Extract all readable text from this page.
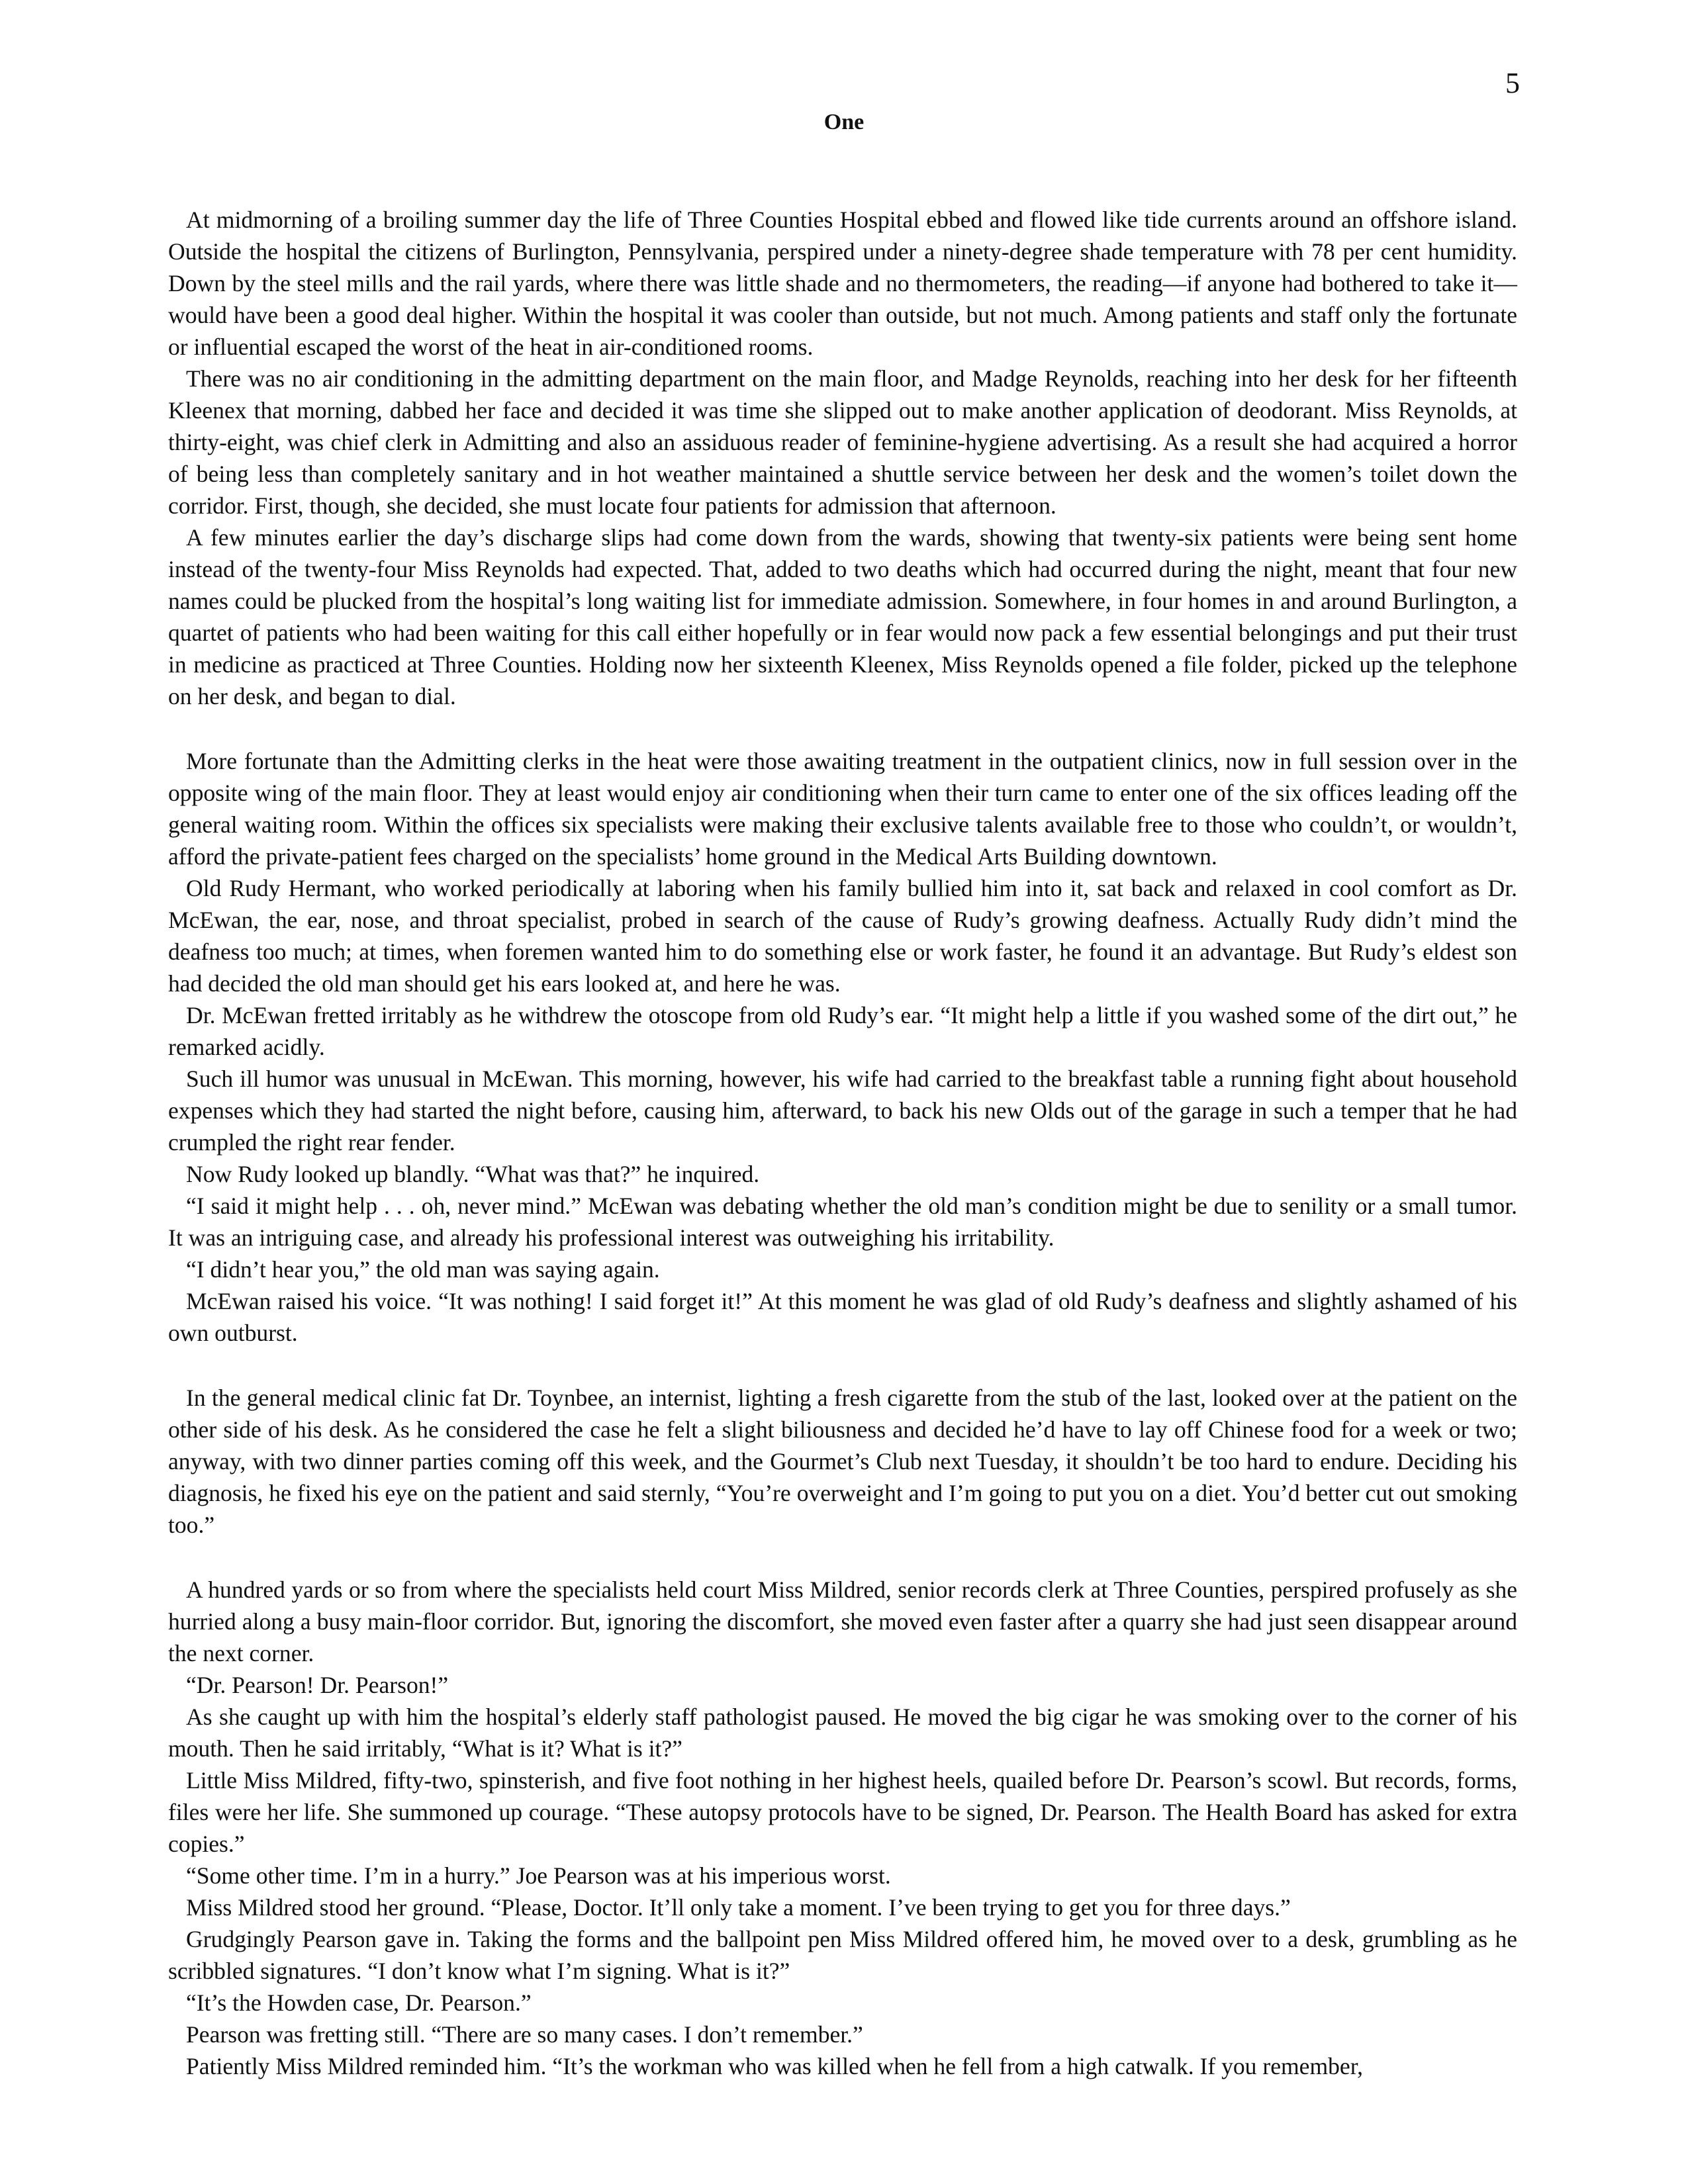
5
One

At midmorning of a broiling summer day the life of Three Counties Hospital ebbed and flowed like tide currents around an offshore island. Outside the hospital the citizens of Burlington, Pennsylvania, perspired under a ninety-degree shade temperature with 78 per cent humidity. Down by the steel mills and the rail yards, where there was little shade and no thermometers, the reading—if anyone had bothered to take it—would have been a good deal higher. Within the hospital it was cooler than outside, but not much. Among patients and staff only the fortunate or influential escaped the worst of the heat in air-conditioned rooms.

There was no air conditioning in the admitting department on the main floor, and Madge Reynolds, reaching into her desk for her fifteenth Kleenex that morning, dabbed her face and decided it was time she slipped out to make another application of deodorant. Miss Reynolds, at thirty-eight, was chief clerk in Admitting and also an assiduous reader of feminine-hygiene advertising. As a result she had acquired a horror of being less than completely sanitary and in hot weather maintained a shuttle service between her desk and the women’s toilet down the corridor. First, though, she decided, she must locate four patients for admission that afternoon.

A few minutes earlier the day’s discharge slips had come down from the wards, showing that twenty-six patients were being sent home instead of the twenty-four Miss Reynolds had expected. That, added to two deaths which had occurred during the night, meant that four new names could be plucked from the hospital’s long waiting list for immediate admission. Somewhere, in four homes in and around Burlington, a quartet of patients who had been waiting for this call either hopefully or in fear would now pack a few essential belongings and put their trust in medicine as practiced at Three Counties. Holding now her sixteenth Kleenex, Miss Reynolds opened a file folder, picked up the telephone on her desk, and began to dial.

More fortunate than the Admitting clerks in the heat were those awaiting treatment in the outpatient clinics, now in full session over in the opposite wing of the main floor. They at least would enjoy air conditioning when their turn came to enter one of the six offices leading off the general waiting room. Within the offices six specialists were making their exclusive talents available free to those who couldn’t, or wouldn’t, afford the private-patient fees charged on the specialists’ home ground in the Medical Arts Building downtown.

Old Rudy Hermant, who worked periodically at laboring when his family bullied him into it, sat back and relaxed in cool comfort as Dr. McEwan, the ear, nose, and throat specialist, probed in search of the cause of Rudy’s growing deafness. Actually Rudy didn’t mind the deafness too much; at times, when foremen wanted him to do something else or work faster, he found it an advantage. But Rudy’s eldest son had decided the old man should get his ears looked at, and here he was.

Dr. McEwan fretted irritably as he withdrew the otoscope from old Rudy’s ear. “It might help a little if you washed some of the dirt out,” he remarked acidly.

Such ill humor was unusual in McEwan. This morning, however, his wife had carried to the breakfast table a running fight about household expenses which they had started the night before, causing him, afterward, to back his new Olds out of the garage in such a temper that he had crumpled the right rear fender.

Now Rudy looked up blandly. “What was that?” he inquired.

“I said it might help . . . oh, never mind.” McEwan was debating whether the old man’s condition might be due to senility or a small tumor. It was an intriguing case, and already his professional interest was outweighing his irritability.

“I didn’t hear you,” the old man was saying again.

McEwan raised his voice. “It was nothing! I said forget it!” At this moment he was glad of old Rudy’s deafness and slightly ashamed of his own outburst.

In the general medical clinic fat Dr. Toynbee, an internist, lighting a fresh cigarette from the stub of the last, looked over at the patient on the other side of his desk. As he considered the case he felt a slight biliousness and decided he’d have to lay off Chinese food for a week or two; anyway, with two dinner parties coming off this week, and the Gourmet’s Club next Tuesday, it shouldn’t be too hard to endure. Deciding his diagnosis, he fixed his eye on the patient and said sternly, “You’re overweight and I’m going to put you on a diet. You’d better cut out smoking too.”

A hundred yards or so from where the specialists held court Miss Mildred, senior records clerk at Three Counties, perspired profusely as she hurried along a busy main-floor corridor. But, ignoring the discomfort, she moved even faster after a quarry she had just seen disappear around the next corner.

“Dr. Pearson! Dr. Pearson!”

As she caught up with him the hospital’s elderly staff pathologist paused. He moved the big cigar he was smoking over to the corner of his mouth. Then he said irritably, “What is it? What is it?”

Little Miss Mildred, fifty-two, spinsterish, and five foot nothing in her highest heels, quailed before Dr. Pearson’s scowl. But records, forms, files were her life. She summoned up courage. “These autopsy protocols have to be signed, Dr. Pearson. The Health Board has asked for extra copies.”

“Some other time. I’m in a hurry.” Joe Pearson was at his imperious worst.

Miss Mildred stood her ground. “Please, Doctor. It’ll only take a moment. I’ve been trying to get you for three days.”

Grudgingly Pearson gave in. Taking the forms and the ballpoint pen Miss Mildred offered him, he moved over to a desk, grumbling as he scribbled signatures. “I don’t know what I’m signing. What is it?”

“It’s the Howden case, Dr. Pearson.”

Pearson was fretting still. “There are so many cases. I don’t remember.”

Patiently Miss Mildred reminded him. “It’s the workman who was killed when he fell from a high catwalk. If you remember,
